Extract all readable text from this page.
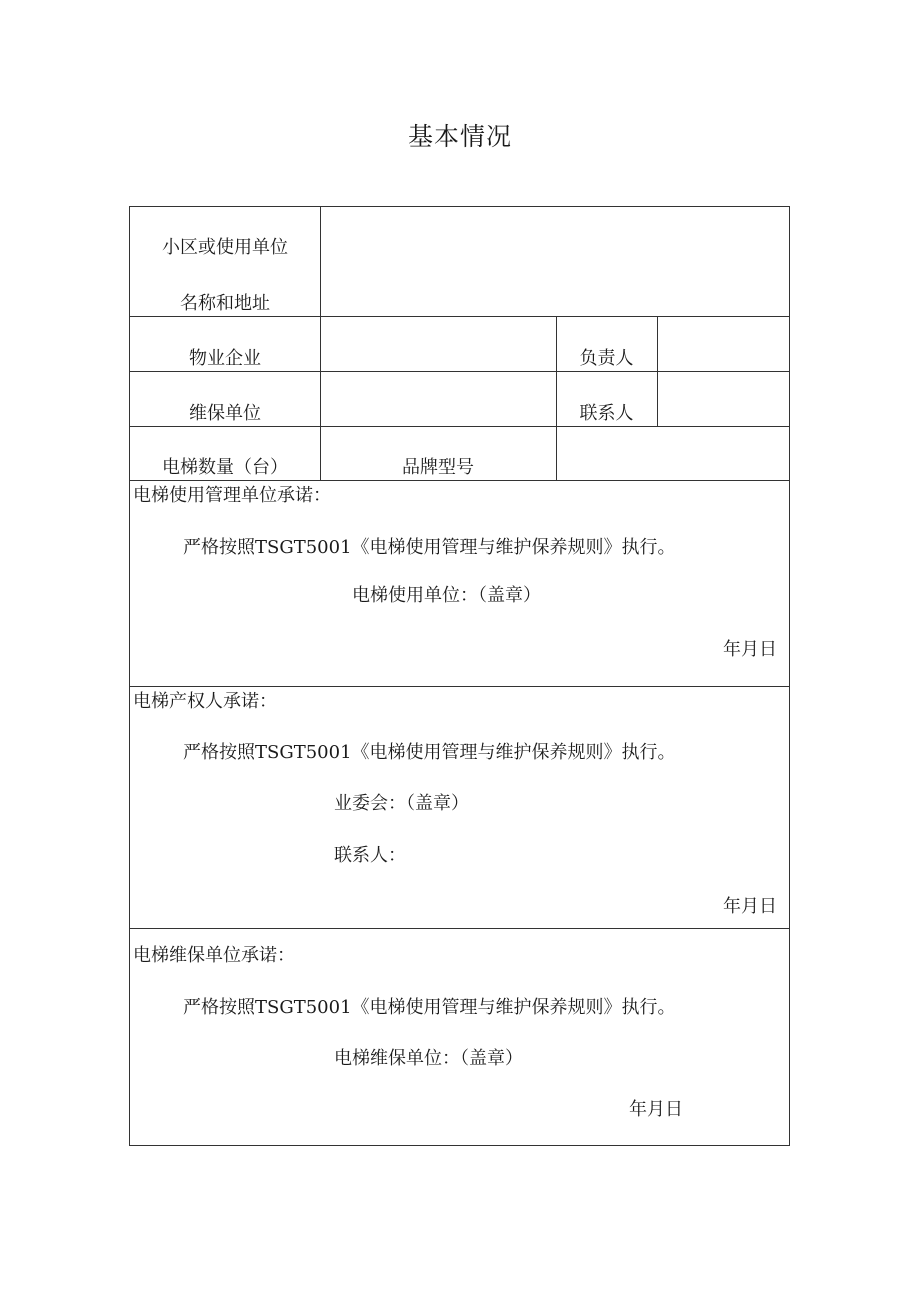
基本情况
小区或使用单位
名称和地址
物业企业	负责人
维保单位	联系人
电梯数量（台）	品牌型号
电梯使用管理单位承诺：
严格按照TSGT5001《电梯使用管理与维护保养规则》执行。
电梯使用单位：（盖章）
年月日
电梯产权人承诺：
严格按照TSGT5001《电梯使用管理与维护保养规则》执行。
业委会：（盖章）
联系人：
年月日
电梯维保单位承诺：
严格按照TSGT5001《电梯使用管理与维护保养规则》执行。
电梯维保单位：（盖章）
年月日
